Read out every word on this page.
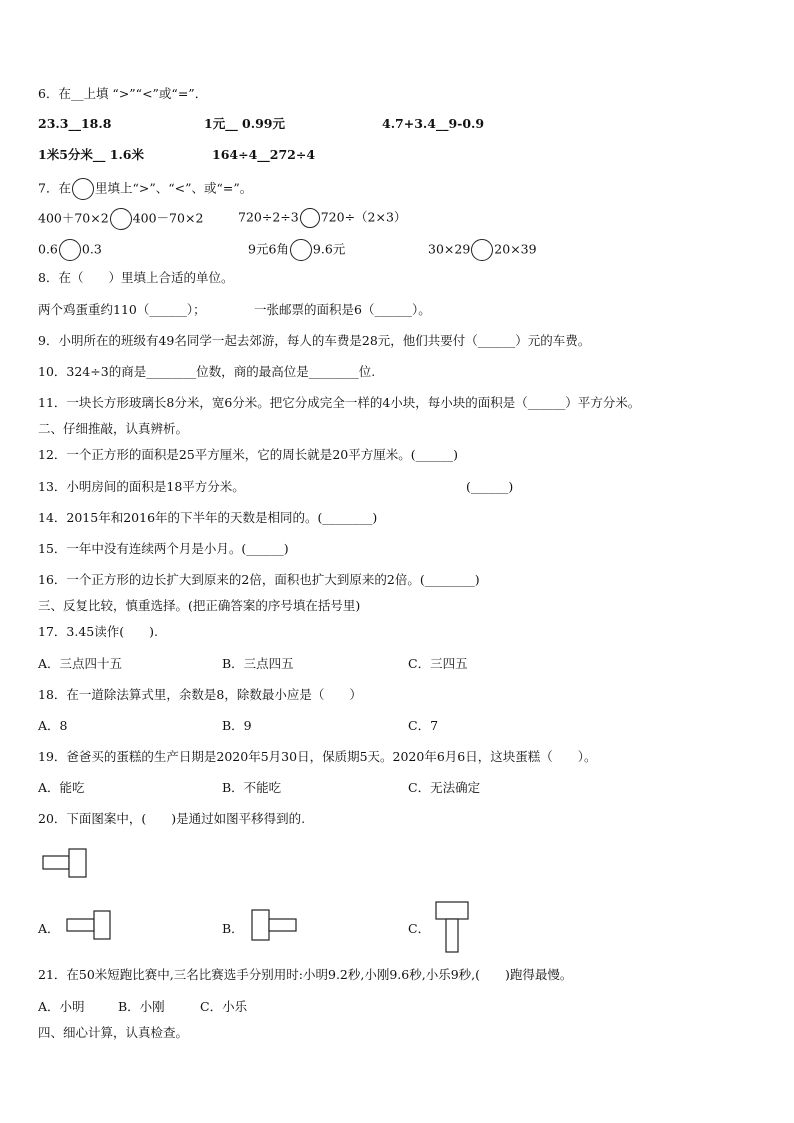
6．在__上填 “>”“<”或“=”．
23.3__18.8	1元__ 0.99元	4.7+3.4__9-0.9
1米5分米__ 1.6米	164÷4__272÷4
7．在 里填上“>”、“<”、或“=”。
400＋70×2 400－70×2	720÷2÷3 720÷（2×3）
0.6 0.3	9元6角 9.6元	30×29 20×39
8．在（　　）里填上合适的单位。
两个鸡蛋重约110（______）；	一张邮票的面积是6（______）。
9．小明所在的班级有49名同学一起去郊游，每人的车费是28元，他们共要付（______）元的车费。
10．324÷3的商是________位数，商的最高位是________位.
11．一块长方形玻璃长8分米，宽6分米。把它分成完全一样的4小块，每小块的面积是（______）平方分米。
二、仔细推敲，认真辨析。
12．一个正方形的面积是25平方厘米，它的周长就是20平方厘米。(______)
13．小明房间的面积是18平方分米。	(______)
14．2015年和2016年的下半年的天数是相同的。(________)
15．一年中没有连续两个月是小月。(______)
16．一个正方形的边长扩大到原来的2倍，面积也扩大到原来的2倍。(________)
三、反复比较，慎重选择。(把正确答案的序号填在括号里)
17．3.45读作(　　).
A．三点四十五	B．三点四五	C．三四五
18．在一道除法算式里，余数是8，除数最小应是（　　）
A．8	B．9	C．7
19．爸爸买的蛋糕的生产日期是2020年5月30日，保质期5天。2020年6月6日，这块蛋糕（　　）。
A．能吃	B．不能吃	C．无法确定
20．下面图案中，(　　)是通过如图平移得到的.
A．	B．	C．
21．在50米短跑比赛中,三名比赛选手分别用时:小明9.2秒,小刚9.6秒,小乐9秒,(　　)跑得最慢。
A．小明	B．小刚	C．小乐
四、细心计算，认真检查。
